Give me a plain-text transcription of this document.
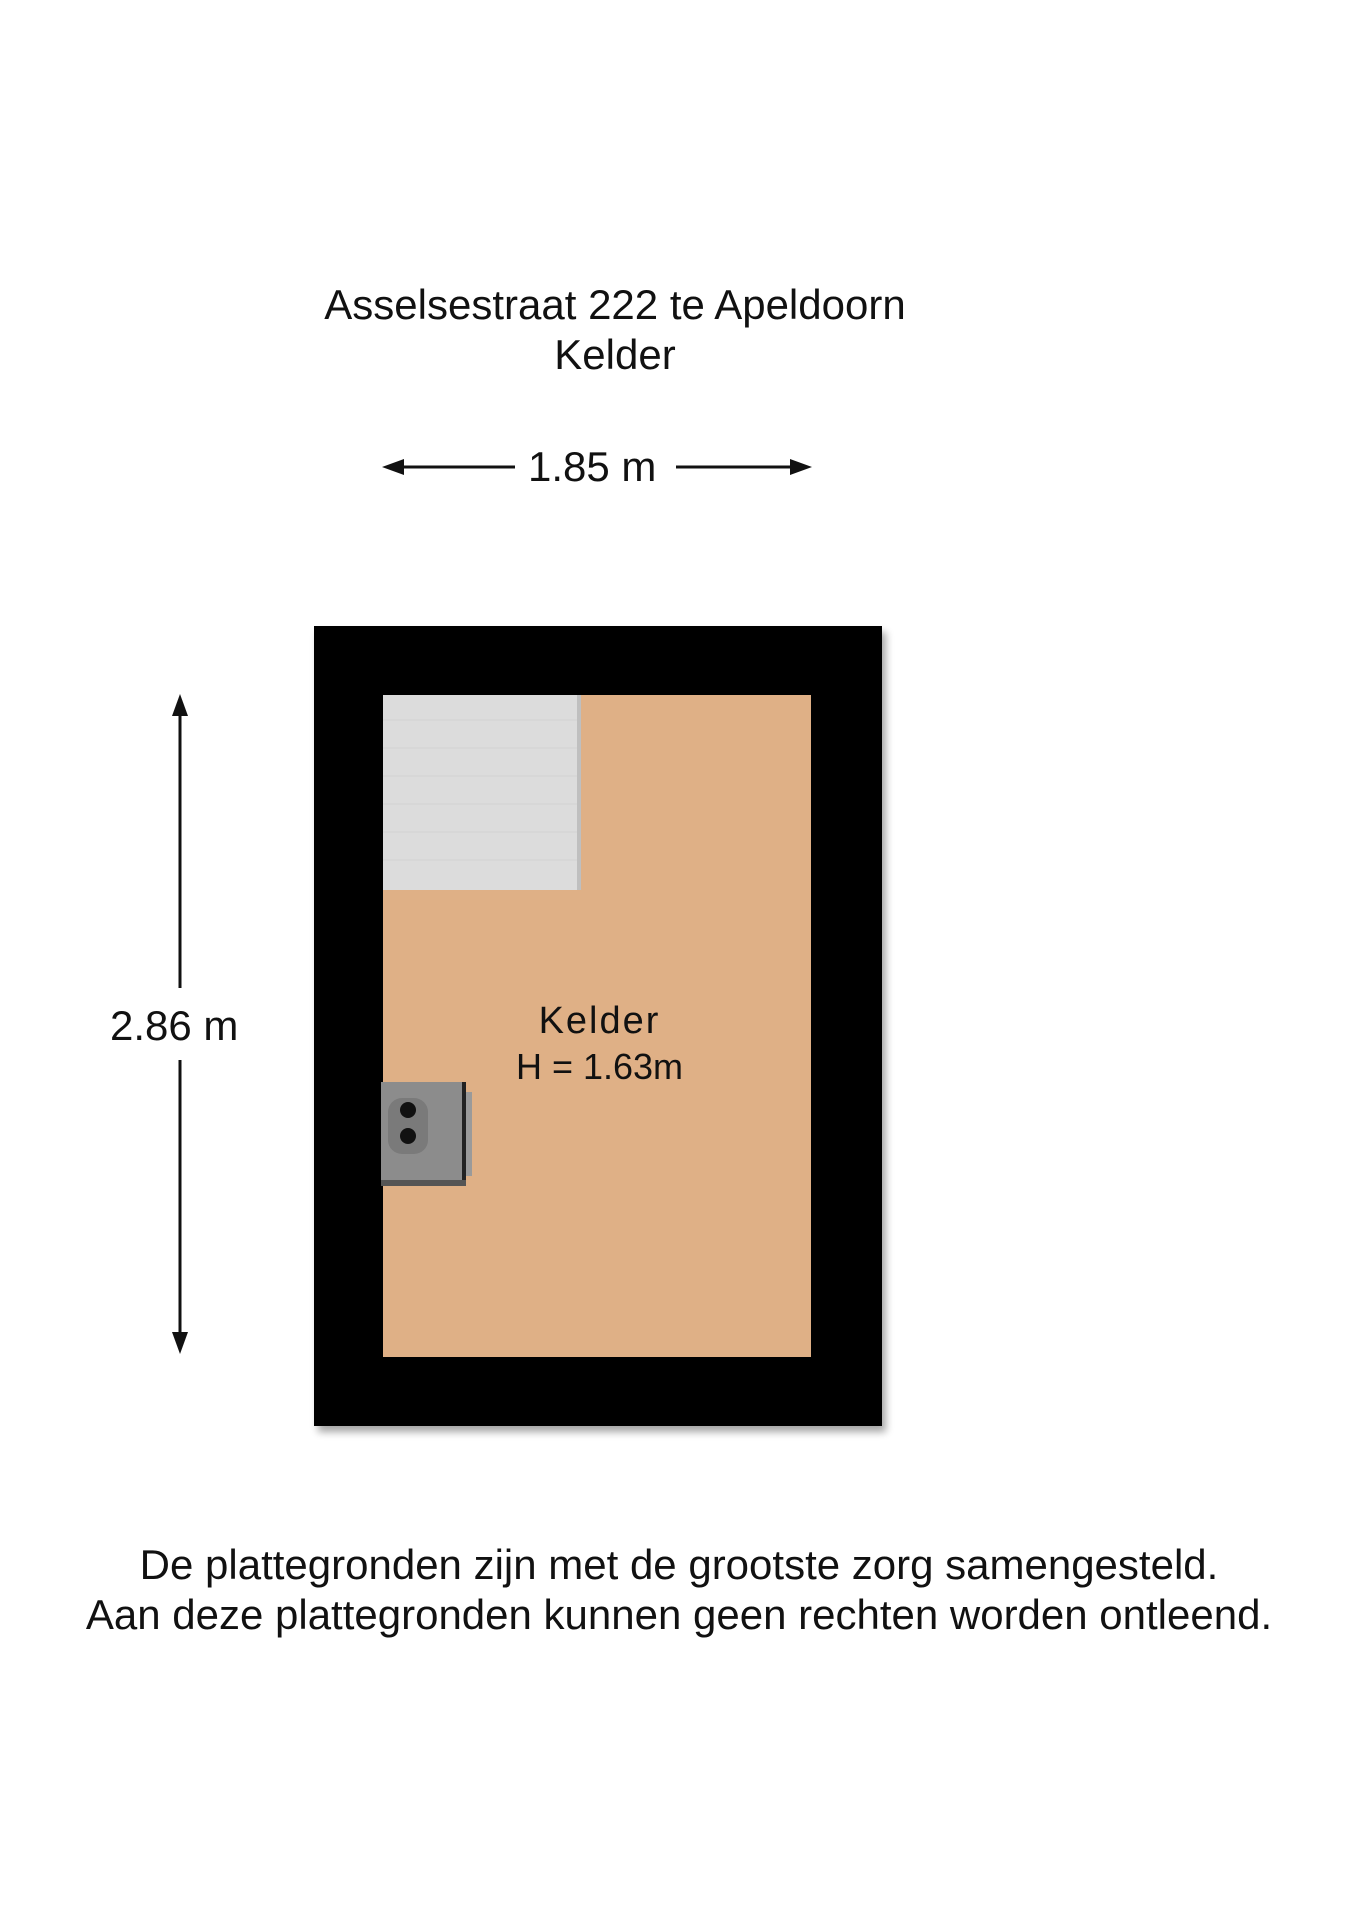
Asselsestraat 222 te Apeldoorn
Kelder
1.85 m
2.86 m	Kelder
H = 1.63m
De plattegronden zijn met de grootste zorg samengesteld.
Aan deze plattegronden kunnen geen rechten worden ontleend.
